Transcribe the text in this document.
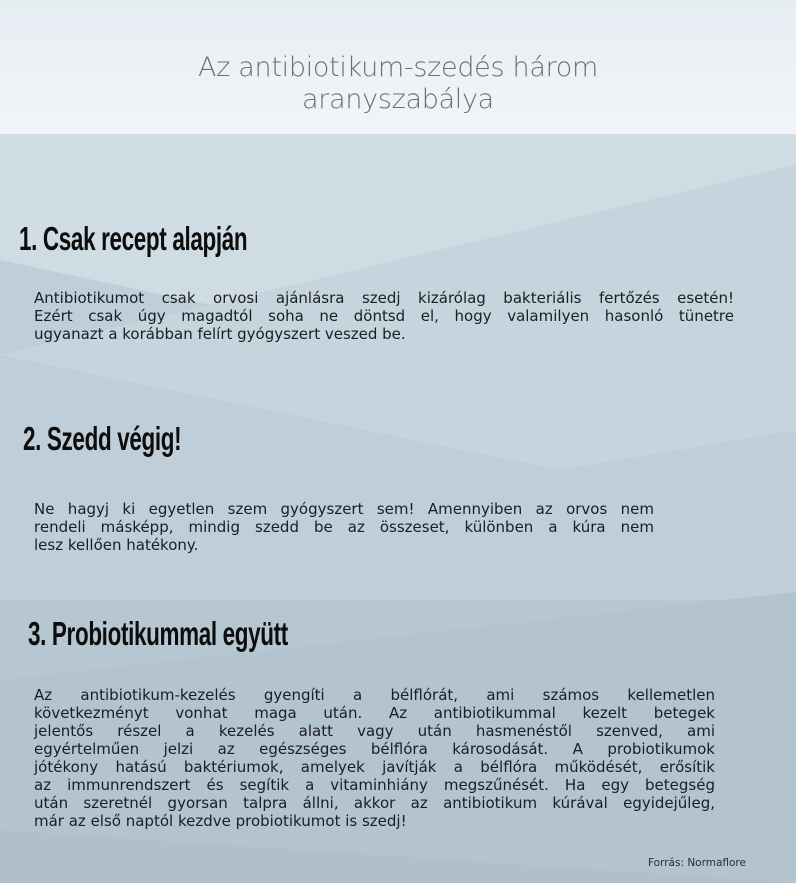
Az antibiotikum-szedés három
aranyszabálya
1. Csak recept alapján
Antibiotikumot csak orvosi ajánlásra szedj kizárólag bakteriális fertőzés esetén!
Ezért csak úgy magadtól soha ne döntsd el, hogy valamilyen hasonló tünetre
ugyanazt a korábban felírt gyógyszert veszed be.
2. Szedd végig!
Ne hagyj ki egyetlen szem gyógyszert sem! Amennyiben az orvos nem
rendeli másképp, mindig szedd be az összeset, különben a kúra nem
lesz kellően hatékony.
3. Probiotikummal együtt
Az antibiotikum-kezelés gyengíti a bélflórát, ami számos kellemetlen
következményt vonhat maga után. Az antibiotikummal kezelt betegek
jelentős részel a kezelés alatt vagy után hasmenéstől szenved, ami
egyértelműen jelzi az egészséges bélflóra károsodását. A probiotikumok
jótékony hatású baktériumok, amelyek javítják a bélflóra működését, erősítik
az immunrendszert és segítik a vitaminhiány megszűnését. Ha egy betegség
után szeretnél gyorsan talpra állni, akkor az antibiotikum kúrával egyidejűleg,
már az első naptól kezdve probiotikumot is szedj!
Forrás: Normaflore
